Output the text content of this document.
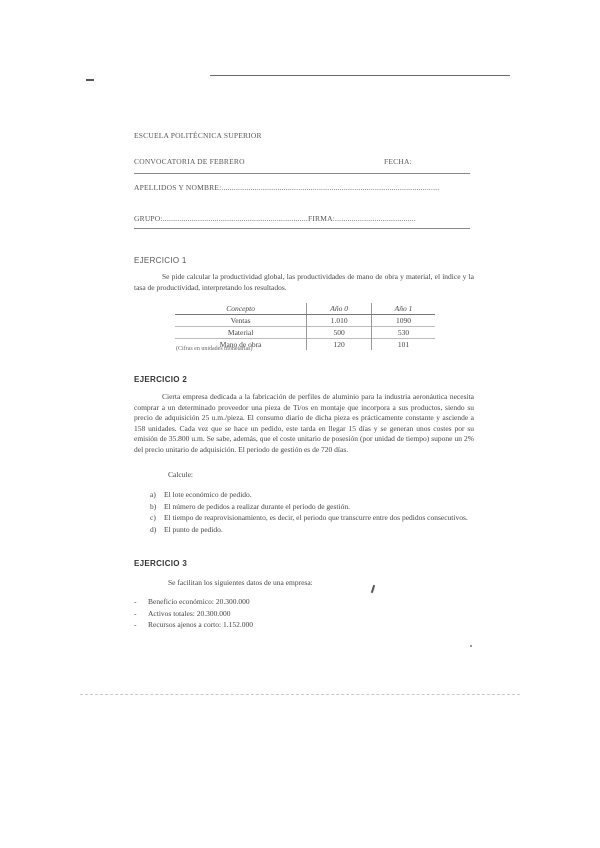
ESCUELA POLITÉCNICA SUPERIOR
CONVOCATORIA DE FEBRERO	FECHA:
APELLIDOS Y NOMBRE:.........................................................................................................
GRUPO:......................................................................FIRMA:.......................................
EJERCICIO 1
Se pide calcular la productividad global, las productividades de mano de obra y material, el índice y la tasa de productividad, interpretando los resultados.
Concepto	Año 0	Año 1
Ventas	1.010	1090
Material	500	530
Mano de obra	120	101
(Cifras en unidades monetarias)
EJERCICIO 2
Cierta empresa dedicada a la fabricación de perfiles de aluminio para la industria aeronáutica necesita comprar a un determinado proveedor una pieza de Ti/os en montaje que incorpora a sus productos, siendo su precio de adquisición 25 u.m./pieza. El consumo diario de dicha pieza es prácticamente constante y asciende a 158 unidades. Cada vez que se hace un pedido, este tarda en llegar 15 días y se generan unos costes por su emisión de 35.800 u.m. Se sabe, además, que el coste unitario de posesión (por unidad de tiempo) supone un 2% del precio unitario de adquisición. El periodo de gestión es de 720 días.
Calcule:
a)	El lote económico de pedido.
b)	El número de pedidos a realizar durante el período de gestión.
c)	El tiempo de reaprovisionamiento, es decir, el periodo que transcurre entre dos pedidos consecutivos.
d)	El punto de pedido.
EJERCICIO 3
Se facilitan los siguientes datos de una empresa:
-	Beneficio económico: 20.300.000
-	Activos totales: 20.300.000
-	Recursos ajenos a corto: 1.152.000
